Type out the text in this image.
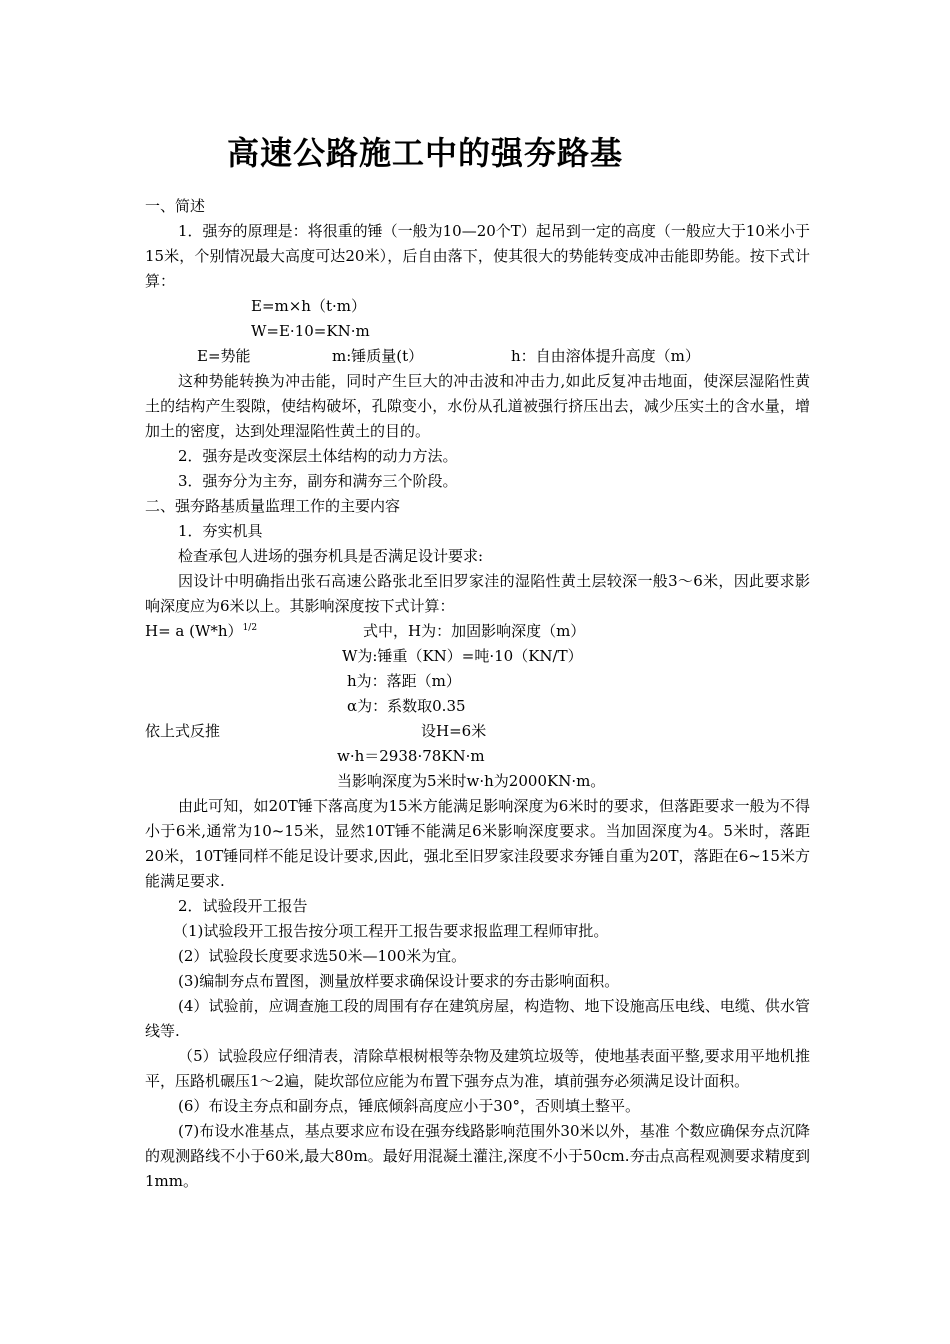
高速公路施工中的强夯路基

一、简述

1．强夯的原理是：将很重的锤（一般为10—20个T）起吊到一定的高度（一般应大于10米小于15米，个别情况最大高度可达20米），后自由落下，使其很大的势能转变成冲击能即势能。按下式计算：

E=m×h（t·m）

W=E·10=KN·m

E=势能	m:锤质量(t）	h：自由溶体提升高度（m）

这种势能转换为冲击能，同时产生巨大的冲击波和冲击力,如此反复冲击地面，使深层湿陷性黄土的结构产生裂隙，使结构破坏，孔隙变小，水份从孔道被强行挤压出去，减少压实土的含水量，增加土的密度，达到处理湿陷性黄土的目的。

2．强夯是改变深层土体结构的动力方法。

3．强夯分为主夯，副夯和满夯三个阶段。

二、强夯路基质量监理工作的主要内容

1．夯实机具

检查承包人进场的强夯机具是否满足设计要求:

因设计中明确指出张石高速公路张北至旧罗家洼的湿陷性黄土层较深一般3～6米，因此要求影响深度应为6米以上。其影响深度按下式计算：

H= a (W*h）$^{1/2}$	式中，H为：加固影响深度（m）
W为:锤重（KN）=吨·10（KN/T）
h为：落距（m）
α为：系数取0.35
依上式反推	设H=6米
w·h＝2938·78KN·m
当影响深度为5米时w·h为2000KN·m。

由此可知，如20T锤下落高度为15米方能满足影响深度为6米时的要求，但落距要求一般为不得小于6米,通常为10~15米，显然10T锤不能满足6米影响深度要求。当加固深度为4。5米时，落距20米，10T锤同样不能足设计要求,因此，强北至旧罗家洼段要求夯锤自重为20T，落距在6~15米方能满足要求.

2．试验段开工报告

（1)试验段开工报告按分项工程开工报告要求报监理工程师审批。

(2）试验段长度要求选50米—100米为宜。

(3)编制夯点布置图，测量放样要求确保设计要求的夯击影响面积。

(4）试验前，应调查施工段的周围有存在建筑房屋，构造物、地下设施高压电线、电缆、供水管线等.

（5）试验段应仔细清表，清除草根树根等杂物及建筑垃圾等，使地基表面平整,要求用平地机推平，压路机碾压1～2遍，陡坎部位应能为布置下强夯点为准，填前强夯必须满足设计面积。

(6）布设主夯点和副夯点，锤底倾斜高度应小于30°，否则填土整平。

(7)布设水准基点，基点要求应布设在强夯线路影响范围外30米以外，基准 个数应确保夯点沉降的观测路线不小于60米,最大80m。最好用混凝土灌注,深度不小于50cm.夯击点高程观测要求精度到1mm。
